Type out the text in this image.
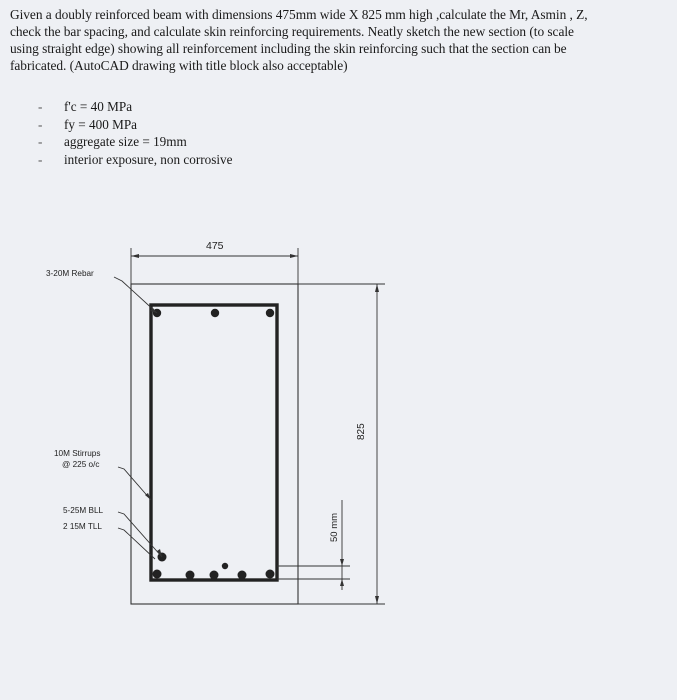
Given a doubly reinforced beam with dimensions 475mm wide X 825 mm high ,calculate the Mr, Asmin , Z,

check the bar spacing, and calculate skin reinforcing requirements. Neatly sketch the new section (to scale

using straight edge) showing all reinforcement including the skin reinforcing such that the section can be

fabricated. (AutoCAD drawing with title block also acceptable)

- f'c = 40 MPa
- fy = 400 MPa
- aggregate size = 19mm
- interior exposure, non corrosive
475
825
50 mm
3-20M Rebar
10M Stirrups
@ 225 o/c
5-25M BLL
2 15M TLL
